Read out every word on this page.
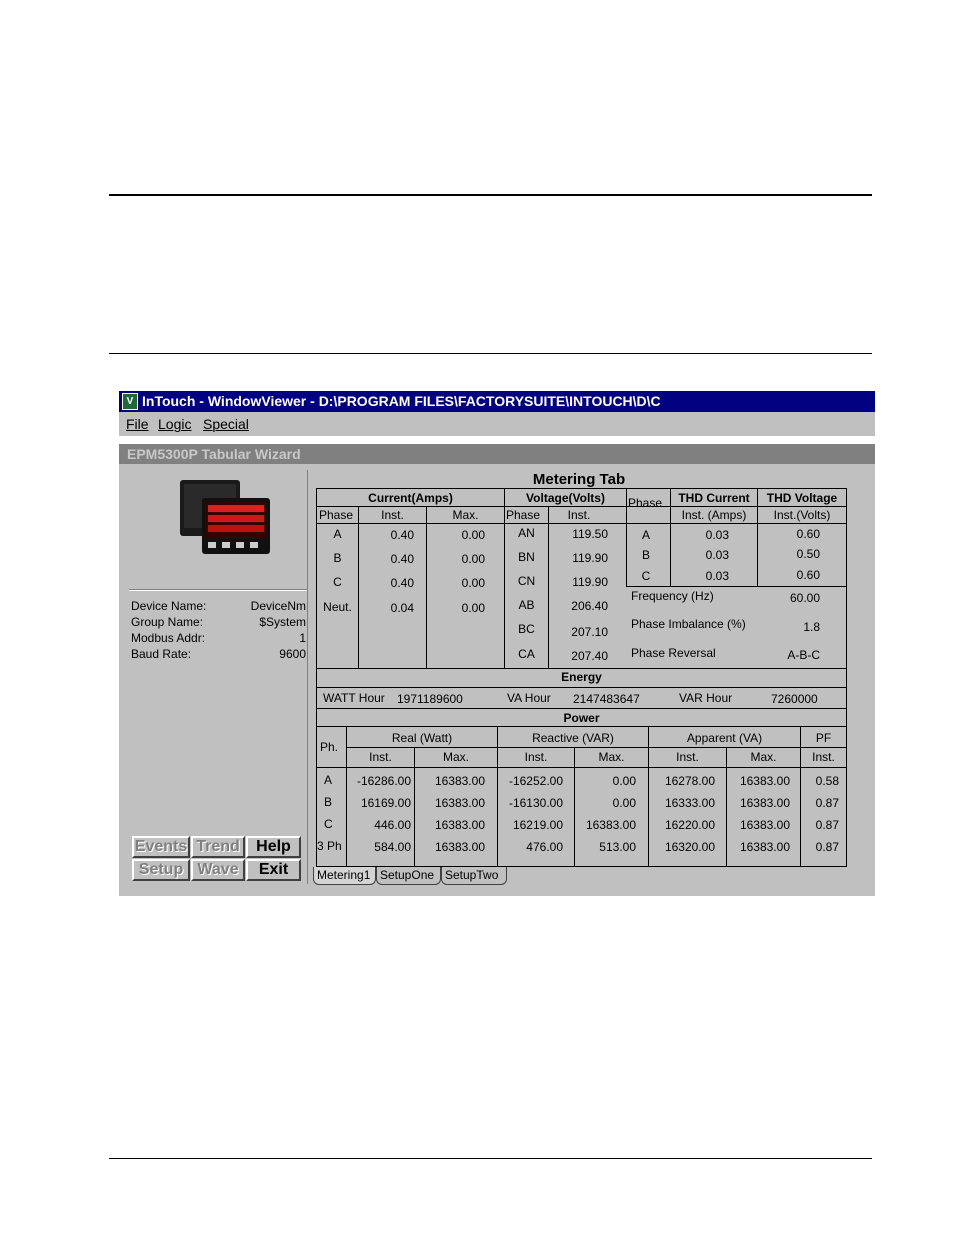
V InTouch - WindowViewer - D:\PROGRAM FILES\FACTORYSUITE\INTOUCH\D\C
File Logic Special
EPM5300P Tabular Wizard
Device Name:	DeviceNm
Group Name:	$System
Modbus Addr:	1
Baud Rate:	9600
Events Trend	Help
Setup Wave	Exit
Metering Tab
Current(Amps)
Phase	Inst.	Max.
A	0.40	0.00
B	0.40	0.00
C	0.40	0.00
Neut.	0.04	0.00
Voltage(Volts)
Phase	Inst.
AN	119.50
BN	119.90
CN	119.90
AB	206.40
BC	207.10
CA	207.40
Phase	THD Current	THD Voltage
Inst. (Amps)	Inst.(Volts)
A	0.03	0.60
B	0.03	0.50
C	0.03	0.60
Frequency (Hz)	60.00
Phase Imbalance (%)	1.8
Phase Reversal	A-B-C
Energy
WATT Hour 1971189600	VA Hour 2147483647	VAR Hour	7260000
Power
Ph.
Real (Watt)	Reactive (VAR)	Apparent (VA)	PF
Inst.	Max.	Inst.	Max.	Inst.	Max.	Inst.
A	-16286.00	16383.00	-16252.00	0.00	16278.00	16383.00	0.58
B	16169.00	16383.00	-16130.00	0.00	16333.00	16383.00	0.87
C	446.00	16383.00	16219.00	16383.00	16220.00	16383.00	0.87
3 Ph	584.00	16383.00	476.00	513.00	16320.00	16383.00	0.87
Metering1 SetupOne SetupTwo
